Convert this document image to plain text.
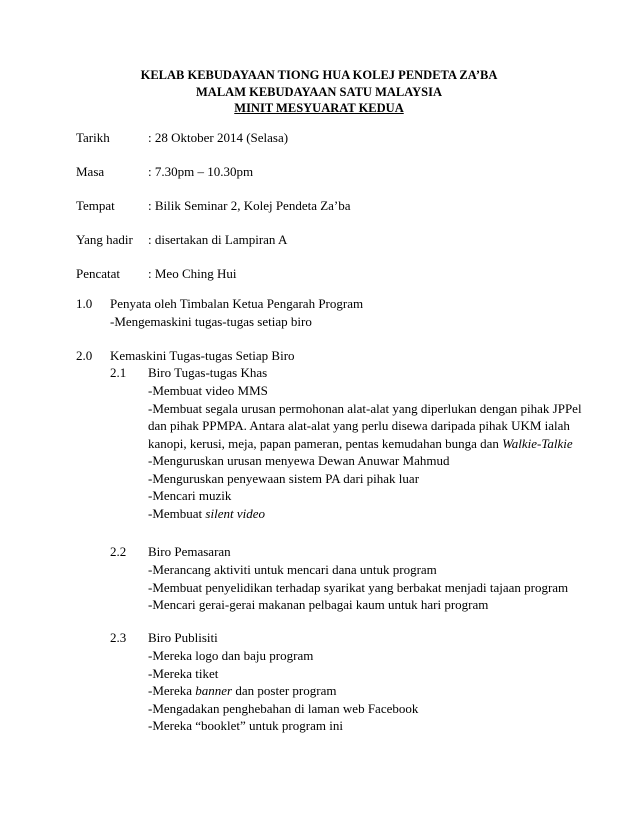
KELAB KEBUDAYAAN TIONG HUA KOLEJ PENDETA ZA’BA
MALAM KEBUDAYAAN SATU MALAYSIA
MINIT MESYUARAT KEDUA
Tarikh	: 28 Oktober 2014 (Selasa)
Masa	: 7.30pm – 10.30pm
Tempat	: Bilik Seminar 2, Kolej Pendeta Za’ba
Yang hadir : disertakan di Lampiran A
Pencatat : Meo Ching Hui
1.0 Penyata oleh Timbalan Ketua Pengarah Program
-Mengemaskini tugas-tugas setiap biro
2.0 Kemaskini Tugas-tugas Setiap Biro
2.1 Biro Tugas-tugas Khas
-Membuat video MMS
-Membuat segala urusan permohonan alat-alat yang diperlukan dengan pihak JPPel dan pihak PPMPA. Antara alat-alat yang perlu disewa daripada pihak UKM ialah kanopi, kerusi, meja, papan pameran, pentas kemudahan bunga dan Walkie-Talkie
-Menguruskan urusan menyewa Dewan Anuwar Mahmud
-Menguruskan penyewaan sistem PA dari pihak luar
-Mencari muzik
-Membuat silent video
2.2 Biro Pemasaran
-Merancang aktiviti untuk mencari dana untuk program
-Membuat penyelidikan terhadap syarikat yang berbakat menjadi tajaan program
-Mencari gerai-gerai makanan pelbagai kaum untuk hari program
2.3 Biro Publisiti
-Mereka logo dan baju program
-Mereka tiket
-Mereka banner dan poster program
-Mengadakan penghebahan di laman web Facebook
-Mereka “booklet” untuk program ini
